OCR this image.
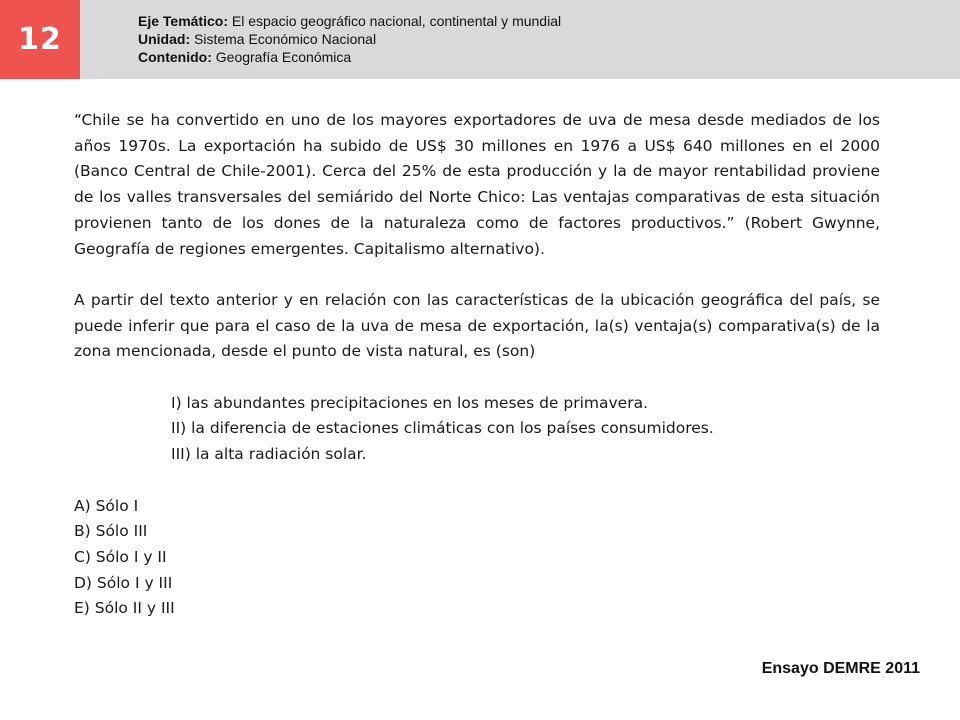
12
Eje Temático: El espacio geográfico nacional, continental y mundial
Unidad: Sistema Económico Nacional
Contenido: Geografía Económica

“Chile se ha convertido en uno de los mayores exportadores de uva de mesa desde mediados de los años 1970s. La exportación ha subido de US$ 30 millones en 1976 a US$ 640 millones en el 2000 (Banco Central de Chile-2001). Cerca del 25% de esta producción y la de mayor rentabilidad proviene de los valles transversales del semiárido del Norte Chico: Las ventajas comparativas de esta situación provienen tanto de los dones de la naturaleza como de factores productivos.” (Robert Gwynne, Geografía de regiones emergentes. Capitalismo alternativo).

A partir del texto anterior y en relación con las características de la ubicación geográfica del país, se puede inferir que para el caso de la uva de mesa de exportación, la(s) ventaja(s) comparativa(s) de la zona mencionada, desde el punto de vista natural, es (son)

I) las abundantes precipitaciones en los meses de primavera.
II) la diferencia de estaciones climáticas con los países consumidores.
III) la alta radiación solar.
A) Sólo I
B) Sólo III
C) Sólo I y II
D) Sólo I y III
E) Sólo II y III
Ensayo DEMRE 2011
